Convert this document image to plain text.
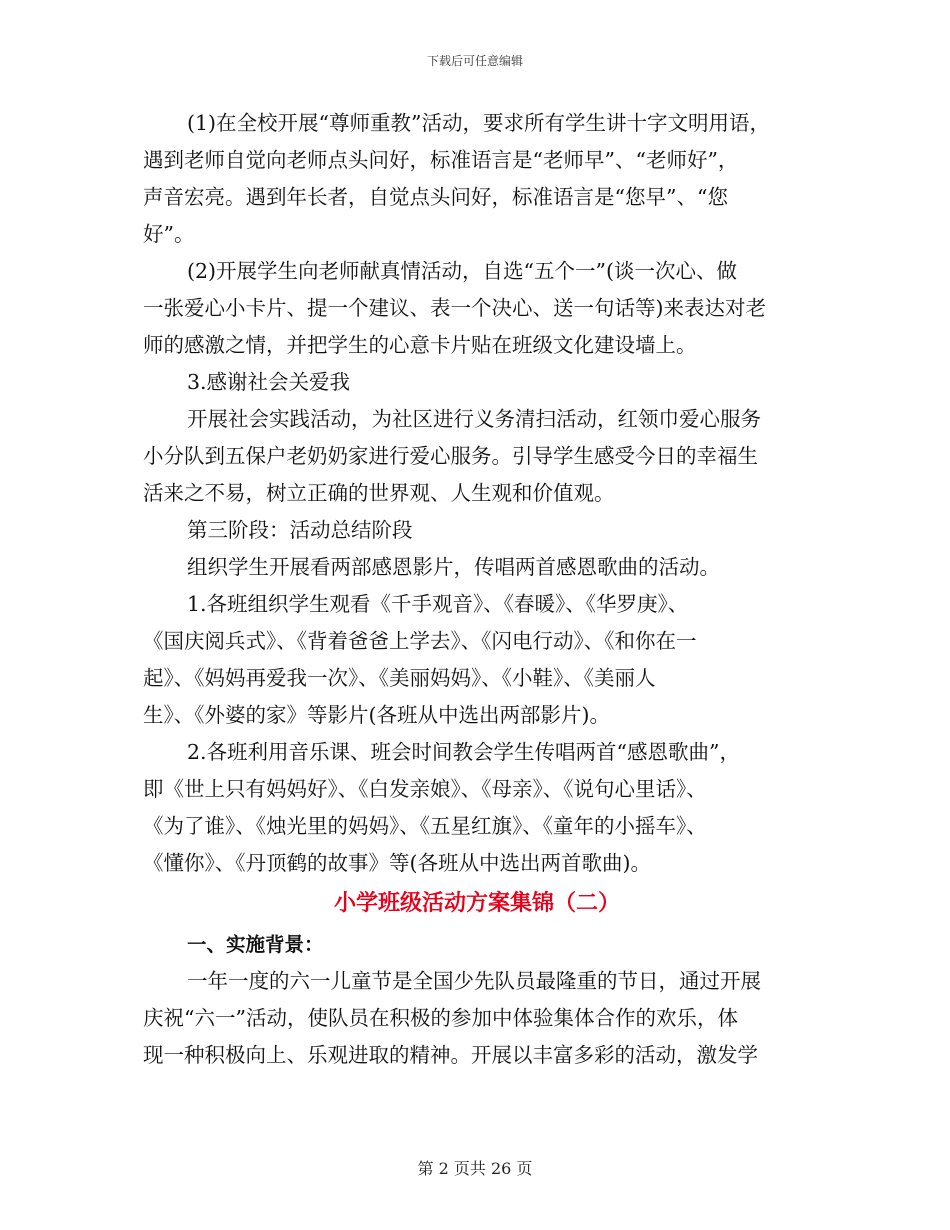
下载后可任意编辑
(1)在全校开展“尊师重教”活动，要求所有学生讲十字文明用语，
遇到老师自觉向老师点头问好，标准语言是“老师早”、“老师好”，
声音宏亮。遇到年长者，自觉点头问好，标准语言是“您早”、“您
好”。
(2)开展学生向老师献真情活动，自选“五个一”(谈一次心、做
一张爱心小卡片、提一个建议、表一个决心、送一句话等)来表达对老
师的感激之情，并把学生的心意卡片贴在班级文化建设墙上。
3.感谢社会关爱我
开展社会实践活动，为社区进行义务清扫活动，红领巾爱心服务
小分队到五保户老奶奶家进行爱心服务。引导学生感受今日的幸福生
活来之不易，树立正确的世界观、人生观和价值观。
第三阶段：活动总结阶段
组织学生开展看两部感恩影片，传唱两首感恩歌曲的活动。
1.各班组织学生观看《千手观音》、《春暖》、《华罗庚》、
《国庆阅兵式》、《背着爸爸上学去》、《闪电行动》、《和你在一
起》、《妈妈再爱我一次》、《美丽妈妈》、《小鞋》、《美丽人
生》、《外婆的家》等影片(各班从中选出两部影片)。
2.各班利用音乐课、班会时间教会学生传唱两首“感恩歌曲”，
即《世上只有妈妈好》、《白发亲娘》、《母亲》、《说句心里话》、
《为了谁》、《烛光里的妈妈》、《五星红旗》、《童年的小摇车》、
《懂你》、《丹顶鹤的故事》等(各班从中选出两首歌曲)。
小学班级活动方案集锦（二）
一、实施背景：
一年一度的六一儿童节是全国少先队员最隆重的节日，通过开展
庆祝“六一”活动，使队员在积极的参加中体验集体合作的欢乐，体
现一种积极向上、乐观进取的精神。开展以丰富多彩的活动，激发学
第 2 页共 26 页
